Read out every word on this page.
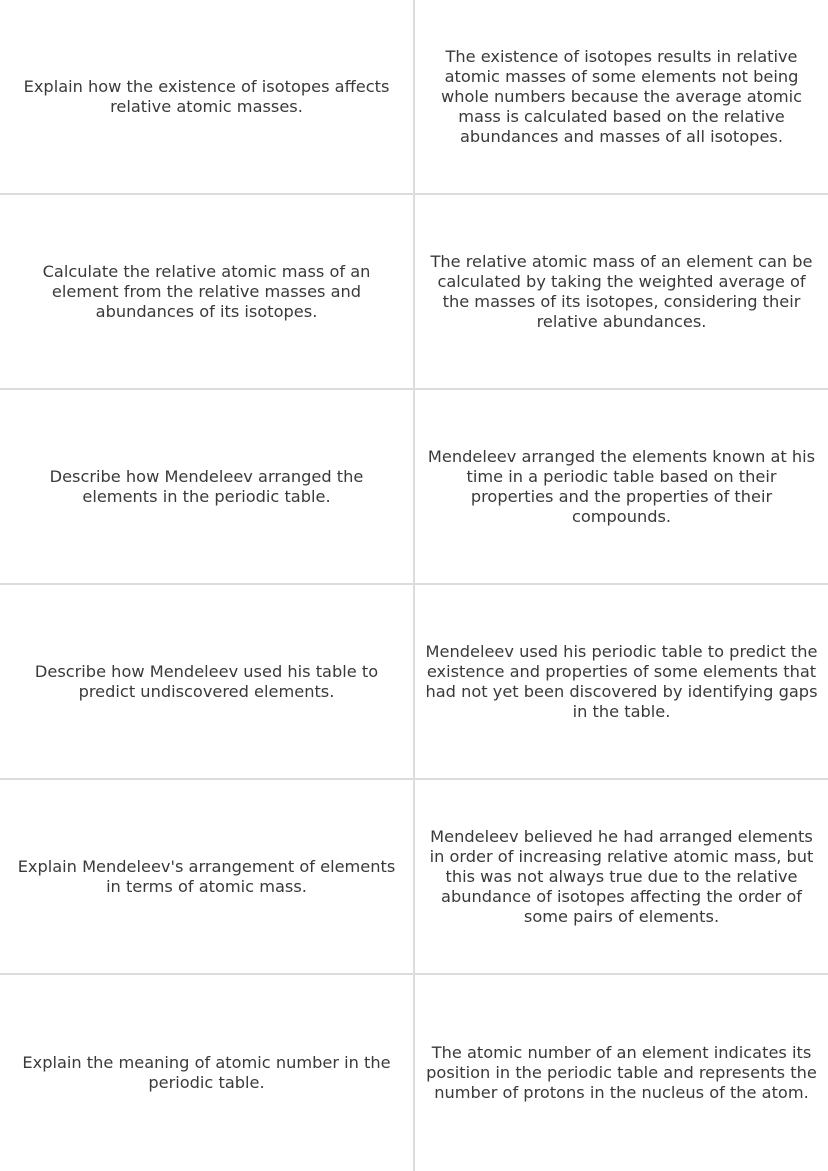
Explain how the existence of isotopes affects relative atomic masses.
The existence of isotopes results in relative atomic masses of some elements not being whole numbers because the average atomic mass is calculated based on the relative abundances and masses of all isotopes.
Calculate the relative atomic mass of an element from the relative masses and abundances of its isotopes.
The relative atomic mass of an element can be calculated by taking the weighted average of the masses of its isotopes, considering their relative abundances.
Describe how Mendeleev arranged the elements in the periodic table.
Mendeleev arranged the elements known at his time in a periodic table based on their properties and the properties of their compounds.
Describe how Mendeleev used his table to predict undiscovered elements.
Mendeleev used his periodic table to predict the existence and properties of some elements that had not yet been discovered by identifying gaps in the table.
Explain Mendeleev's arrangement of elements in terms of atomic mass.
Mendeleev believed he had arranged elements in order of increasing relative atomic mass, but this was not always true due to the relative abundance of isotopes affecting the order of some pairs of elements.
Explain the meaning of atomic number in the periodic table.
The atomic number of an element indicates its position in the periodic table and represents the number of protons in the nucleus of the atom.
